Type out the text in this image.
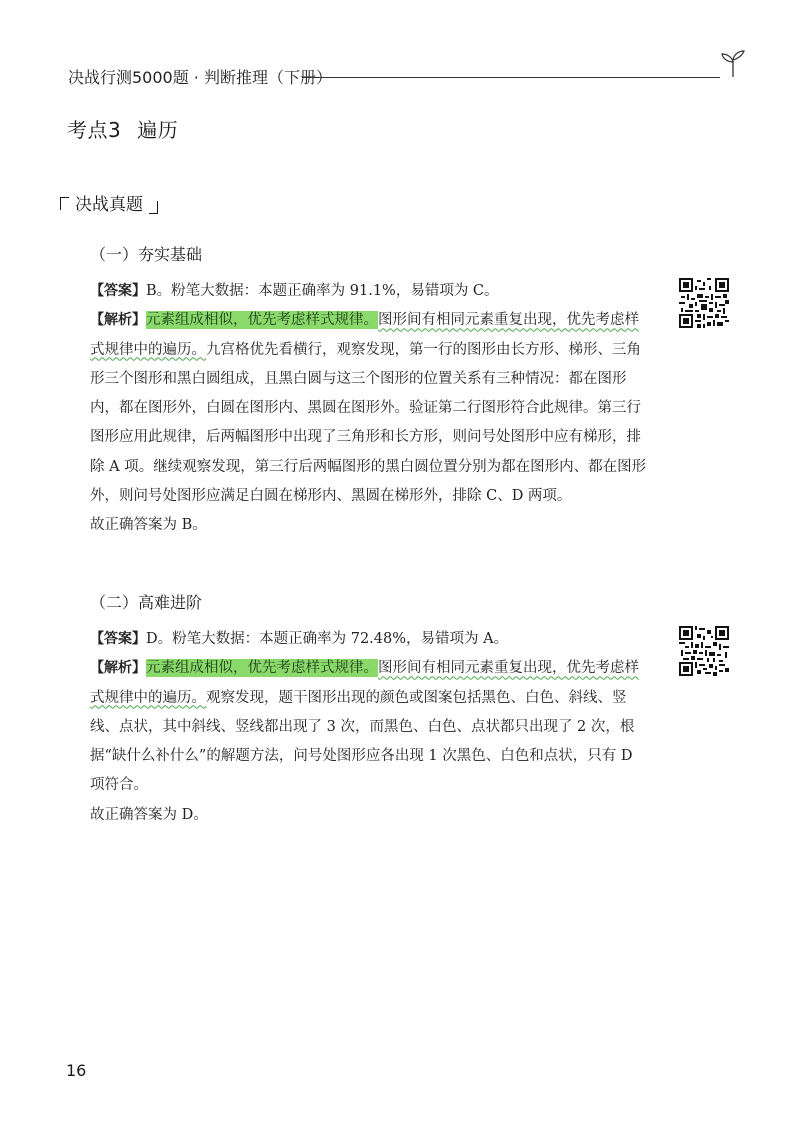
决战行测5000题 · 判断推理（下册）
考点3 遍历
决战真题
（一）夯实基础

【答案】B。粉笔大数据：本题正确率为 91.1%，易错项为 C。

【解析】元素组成相似，优先考虑样式规律。图形间有相同元素重复出现，优先考虑样式规律中的遍历。九宫格优先看横行，观察发现，第一行的图形由长方形、梯形、三角形三个图形和黑白圆组成，且黑白圆与这三个图形的位置关系有三种情况：都在图形内，都在图形外，白圆在图形内、黑圆在图形外。验证第二行图形符合此规律。第三行图形应用此规律，后两幅图形中出现了三角形和长方形，则问号处图形中应有梯形，排除 A 项。继续观察发现，第三行后两幅图形的黑白圆位置分别为都在图形内、都在图形外，则问号处图形应满足白圆在梯形内、黑圆在梯形外，排除 C、D 两项。

故正确答案为 B。

（二）高难进阶

【答案】D。粉笔大数据：本题正确率为 72.48%，易错项为 A。

【解析】元素组成相似，优先考虑样式规律。图形间有相同元素重复出现，优先考虑样式规律中的遍历。观察发现，题干图形出现的颜色或图案包括黑色、白色、斜线、竖线、点状，其中斜线、竖线都出现了 3 次，而黑色、白色、点状都只出现了 2 次，根据“缺什么补什么”的解题方法，问号处图形应各出现 1 次黑色、白色和点状，只有 D 项符合。

故正确答案为 D。

16
